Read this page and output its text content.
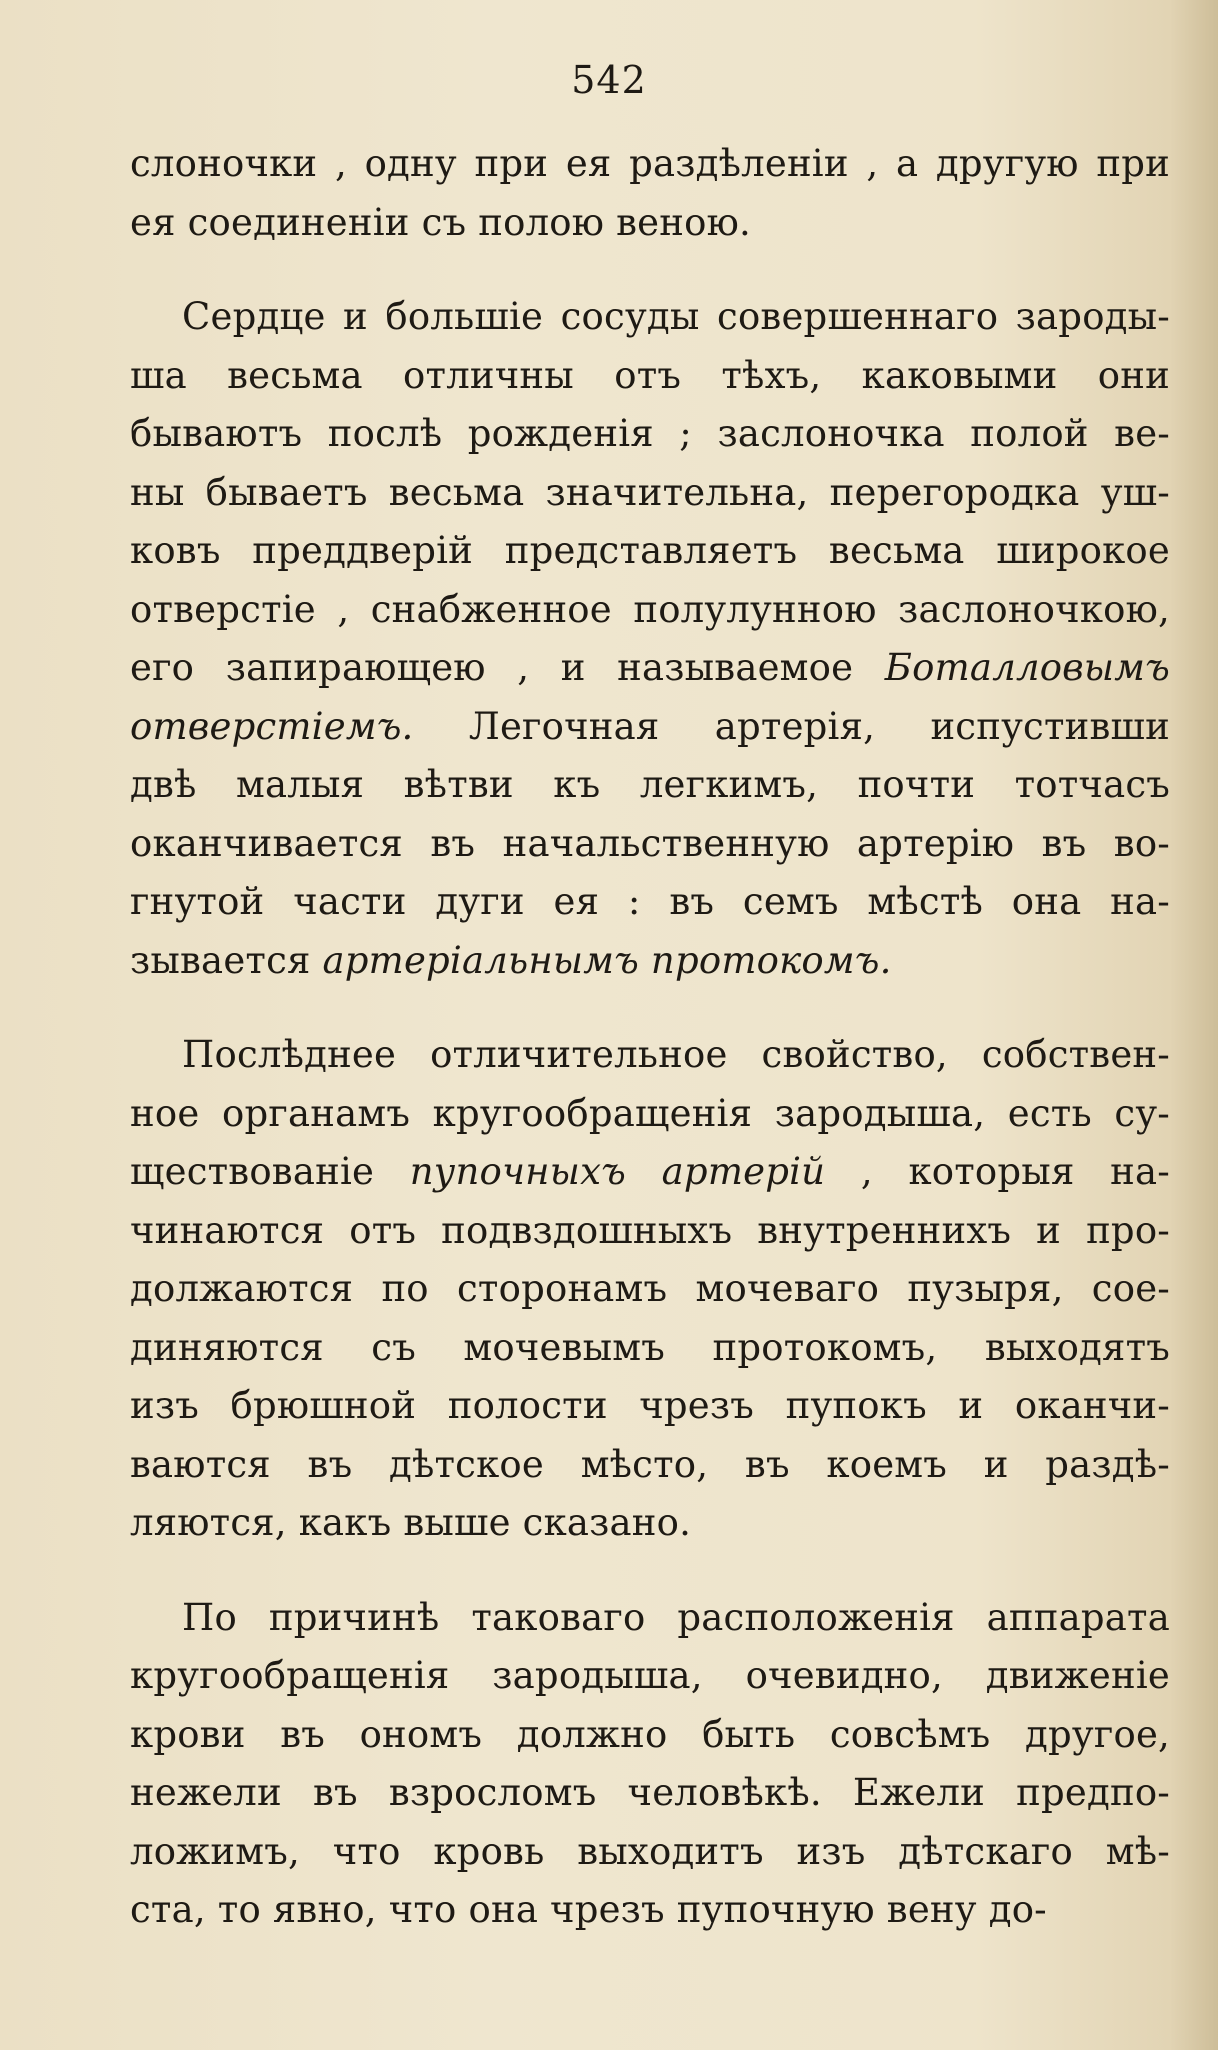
542
слоночки , одну при ея раздѣленіи , а другую при
ея соединеніи съ полою веною.
Сердце и большіе сосуды совершеннаго зароды-
ша весьма отличны отъ тѣхъ, каковыми они
бываютъ послѣ рожденія ; заслоночка полой ве-
ны бываетъ весьма значительна, перегородка уш-
ковъ преддверій представляетъ весьма широкое
отверстіе , снабженное полулунною заслоночкою,
его запирающею , и называемое Боталловымъ
отверстіемъ. Легочная артерія, испустивши
двѣ малыя вѣтви къ легкимъ, почти тотчасъ
оканчивается въ начальственную артерію въ во-
гнутой части дуги ея : въ семъ мѣстѣ она на-
зывается артеріальнымъ протокомъ.
Послѣднее отличительное свойство, собствен-
ное органамъ кругообращенія зародыша, есть су-
ществованіе пупочныхъ артерій , которыя на-
чинаются отъ подвздошныхъ внутреннихъ и про-
должаются по сторонамъ мочеваго пузыря, сое-
диняются съ мочевымъ протокомъ, выходятъ
изъ брюшной полости чрезъ пупокъ и оканчи-
ваются въ дѣтское мѣсто, въ коемъ и раздѣ-
ляются, какъ выше сказано.
По причинѣ таковаго расположенія аппарата
кругообращенія зародыша, очевидно, движеніе
крови въ ономъ должно быть совсѣмъ другое,
нежели въ взросломъ человѣкѣ. Ежели предпо-
ложимъ, что кровь выходитъ изъ дѣтскаго мѣ-
ста, то явно, что она чрезъ пупочную вену до-
